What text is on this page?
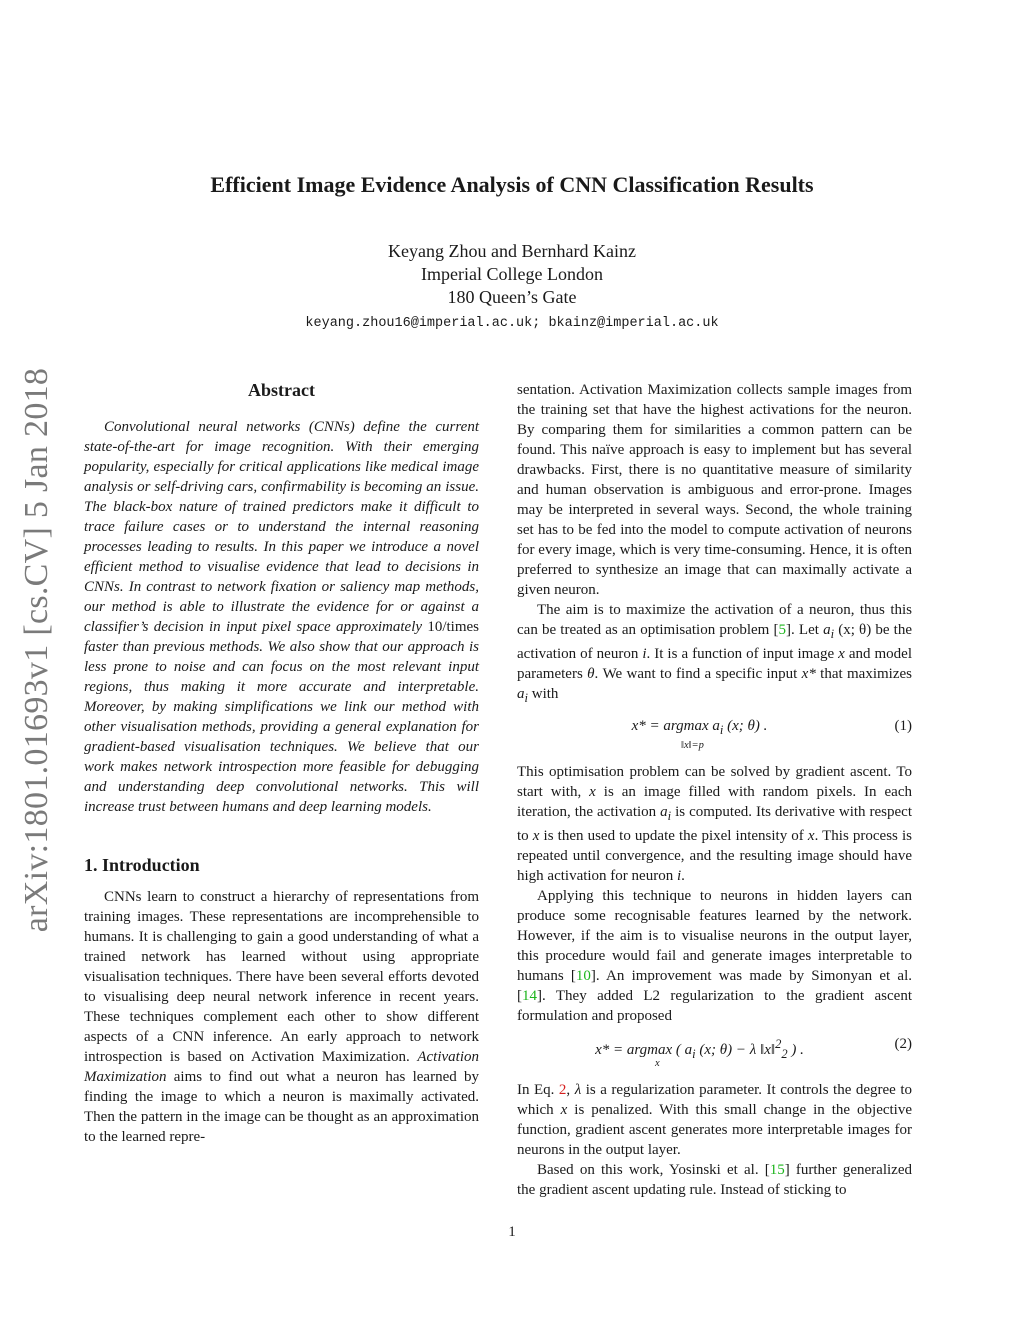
arXiv:1801.01693v1 [cs.CV] 5 Jan 2018
Efficient Image Evidence Analysis of CNN Classification Results
Keyang Zhou and Bernhard Kainz
Imperial College London
180 Queen’s Gate
keyang.zhou16@imperial.ac.uk; bkainz@imperial.ac.uk
Abstract

Convolutional neural networks (CNNs) define the current state-of-the-art for image recognition. With their emerging popularity, especially for critical applications like medical image analysis or self-driving cars, confirmability is becoming an issue. The black-box nature of trained predictors make it difficult to trace failure cases or to understand the internal reasoning processes leading to results. In this paper we introduce a novel efficient method to visualise evidence that lead to decisions in CNNs. In contrast to network fixation or saliency map methods, our method is able to illustrate the evidence for or against a classifier’s decision in input pixel space approximately 10/times faster than previous methods. We also show that our approach is less prone to noise and can focus on the most relevant input regions, thus making it more accurate and interpretable. Moreover, by making simplifications we link our method with other visualisation methods, providing a general explanation for gradient-based visualisation techniques. We believe that our work makes network introspection more feasible for debugging and understanding deep convolutional networks. This will increase trust between humans and deep learning models.

1. Introduction

CNNs learn to construct a hierarchy of representations from training images. These representations are incomprehensible to humans. It is challenging to gain a good understanding of what a trained network has learned without using appropriate visualisation techniques. There have been several efforts devoted to visualising deep neural network inference in recent years. These techniques complement each other to show different aspects of a CNN inference. An early approach to network introspection is based on Activation Maximization. Activation Maximization aims to find out what a neuron has learned by finding the image to which a neuron is maximally activated. Then the pattern in the image can be thought as an approximation to the learned repre-

sentation. Activation Maximization collects sample images from the training set that have the highest activations for the neuron. By comparing them for similarities a common pattern can be found. This naïve approach is easy to implement but has several drawbacks. First, there is no quantitative measure of similarity and human observation is ambiguous and error-prone. Images may be interpreted in several ways. Second, the whole training set has to be fed into the model to compute activation of neurons for every image, which is very time-consuming. Hence, it is often preferred to synthesize an image that can maximally activate a given neuron.

The aim is to maximize the activation of a neuron, thus this can be treated as an optimisation problem [5]. Let $a_i$ (x; θ) be the activation of neuron i. It is a function of input image x and model parameters θ. We want to find a specific input x* that maximizes $a_i$ with

x* = argmax $a_i$ (x; θ) .
‖x‖=p
(1)

This optimisation problem can be solved by gradient ascent. To start with, x is an image filled with random pixels. In each iteration, the activation $a_i$ is computed. Its derivative with respect to x is then used to update the pixel intensity of x. This process is repeated until convergence, and the resulting image should have high activation for neuron i.

Applying this technique to neurons in hidden layers can produce some recognisable features learned by the network. However, if the aim is to visualise neurons in the output layer, this procedure would fail and generate images interpretable to humans [10]. An improvement was made by Simonyan et al. [14]. They added L2 regularization to the gradient ascent formulation and proposed

x* = argmax ( $a_i$ (x; θ) − λ ‖x‖$^2_2$ ) .
x
(2)

In Eq. 2, λ is a regularization parameter. It controls the degree to which x is penalized. With this small change in the objective function, gradient ascent generates more interpretable images for neurons in the output layer.

Based on this work, Yosinski et al. [15] further generalized the gradient ascent updating rule. Instead of sticking to

1
